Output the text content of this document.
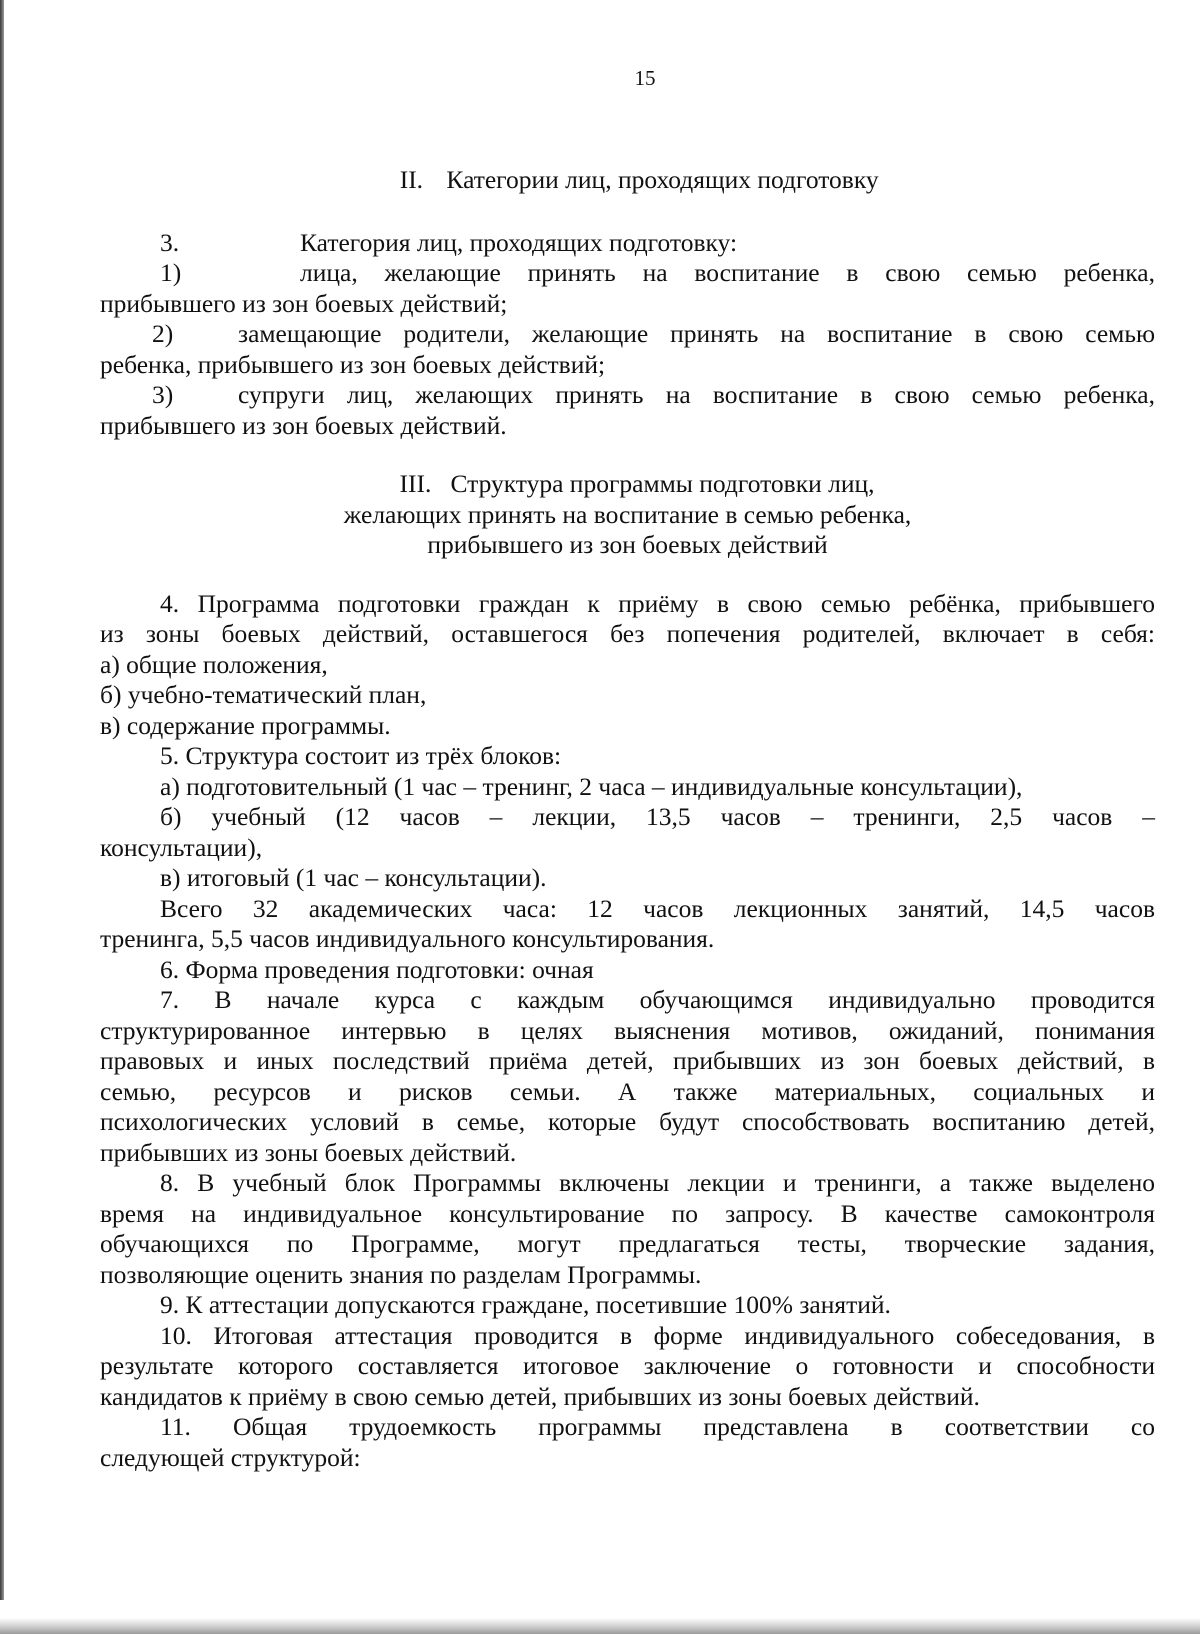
15
II. Категории лиц, проходящих подготовку
3.	Категория лиц, проходящих подготовку:
1)	лица, желающие принять на воспитание в свою семью ребенка,
прибывшего из зон боевых действий;
2)	замещающие родители, желающие принять на воспитание в свою семью
ребенка, прибывшего из зон боевых действий;
3)	супруги лиц, желающих принять на воспитание в свою семью ребенка,
прибывшего из зон боевых действий.
III. Структура программы подготовки лиц,
желающих принять на воспитание в семью ребенка,
прибывшего из зон боевых действий
4. Программа подготовки граждан к приёму в свою семью ребёнка, прибывшего
из зоны боевых действий, оставшегося без попечения родителей, включает в себя:
а) общие положения,
б) учебно-тематический план,
в) содержание программы.
5. Структура состоит из трёх блоков:
а) подготовительный (1 час – тренинг, 2 часа – индивидуальные консультации),
б) учебный (12 часов – лекции, 13,5 часов – тренинги, 2,5 часов –
консультации),
в) итоговый (1 час – консультации).
Всего 32 академических часа: 12 часов лекционных занятий, 14,5 часов
тренинга, 5,5 часов индивидуального консультирования.
6. Форма проведения подготовки: очная
7. В начале курса с каждым обучающимся индивидуально проводится
структурированное интервью в целях выяснения мотивов, ожиданий, понимания
правовых и иных последствий приёма детей, прибывших из зон боевых действий, в
семью, ресурсов и рисков семьи. А также материальных, социальных и
психологических условий в семье, которые будут способствовать воспитанию детей,
прибывших из зоны боевых действий.
8. В учебный блок Программы включены лекции и тренинги, а также выделено
время на индивидуальное консультирование по запросу. В качестве самоконтроля
обучающихся по Программе, могут предлагаться тесты, творческие задания,
позволяющие оценить знания по разделам Программы.
9. К аттестации допускаются граждане, посетившие 100% занятий.
10. Итоговая аттестация проводится в форме индивидуального собеседования, в
результате которого составляется итоговое заключение о готовности и способности
кандидатов к приёму в свою семью детей, прибывших из зоны боевых действий.
11. Общая трудоемкость программы представлена в соответствии со
следующей структурой:
